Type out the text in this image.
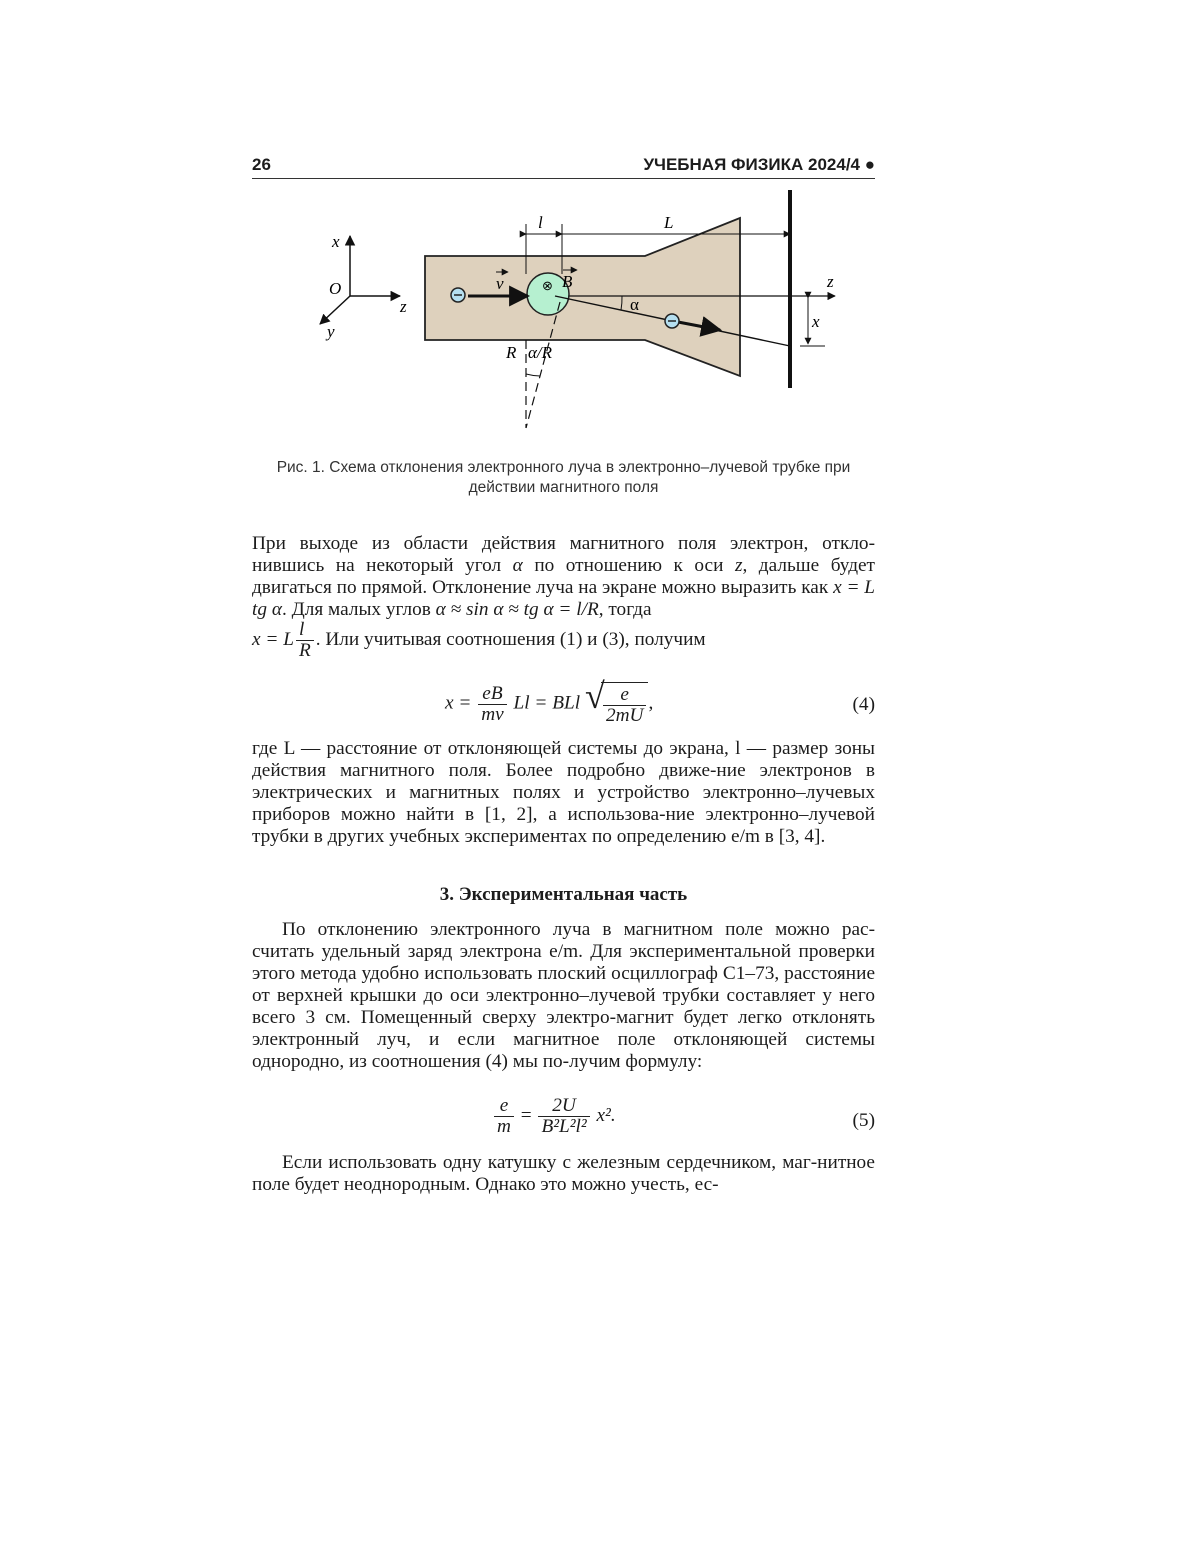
26	УЧЕБНАЯ ФИЗИКА 2024/4 ●
x
O
z
y
z
⊗ B
v
α
l	L
x
R α/R
Рис. 1. Схема отклонения электронного луча в электронно–лучевой трубке при
действии магнитного поля
При выходе из области действия магнитного поля электрон, откло-нившись на некоторый угол α по отношению к оси z, дальше будет двигаться по прямой. Отклонение луча на экране можно выразить как x = L tg α. Для малых углов α ≈ sin α ≈ tg α = l/R, тогда
x = L $\frac{l}{R}$ . Или учитывая соотношения (1) и (3), получим
$x = \frac{eB}{mv}$ Ll = BLl √
$\frac{e}{2mU}$ ,	(4)
где L — расстояние от отклоняющей системы до экрана, l — размер зоны действия магнитного поля. Более подробно движе-ние электронов в электрических и магнитных полях и устройство электронно–лучевых приборов можно найти в [1, 2], а использова-ние электронно–лучевой трубки в других учебных экспериментах по определению e/m в [3, 4].
3. Экспериментальная часть
По отклонению электронного луча в магнитном поле можно рас-считать удельный заряд электрона e/m. Для экспериментальной проверки этого метода удобно использовать плоский осциллограф С1–73, расстояние от верхней крышки до оси электронно–лучевой трубки составляет у него всего 3 см. Помещенный сверху электро-магнит будет легко отклонять электронный луч, и если магнитное поле отклоняющей системы однородно, из соотношения (4) мы по-лучим формулу:
$\frac{e}{m} = \frac{2U}{\text{B²L²l²}} x^2$.	(5)
Если использовать одну катушку с железным сердечником, маг-нитное поле будет неоднородным. Однако это можно учесть, ес-
